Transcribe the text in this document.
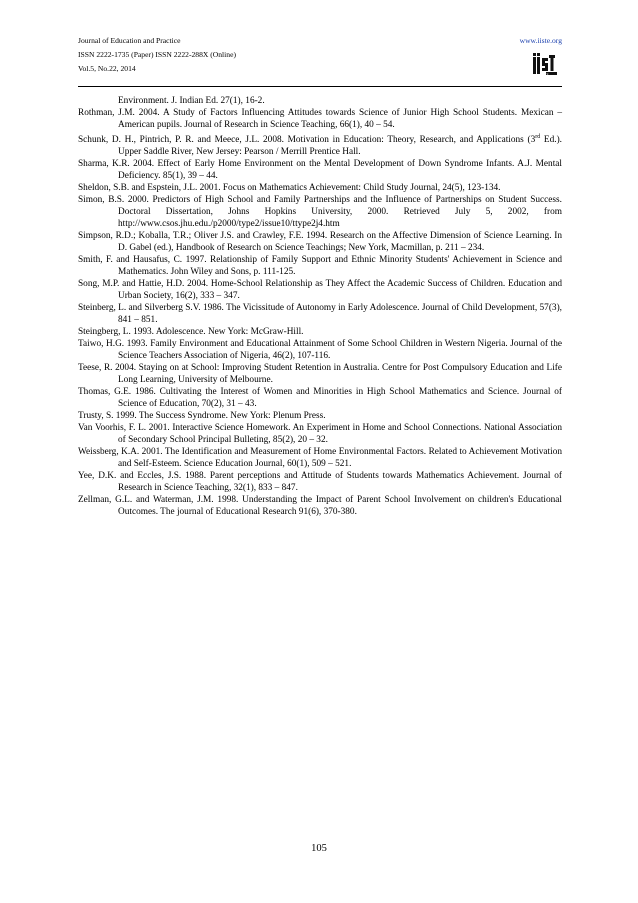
Journal of Education and Practice
ISSN 2222-1735 (Paper) ISSN 2222-288X (Online)
Vol.5, No.22, 2014
www.iiste.org
IISTE

Environment. J. Indian Ed. 27(1), 16-2.

Rothman, J.M. 2004. A Study of Factors Influencing Attitudes towards Science of Junior High School Students. Mexican – American pupils. Journal of Research in Science Teaching, 66(1), 40 – 54.

Schunk, D. H., Pintrich, P. R. and Meece, J.L. 2008. Motivation in Education: Theory, Research, and Applications (3rd Ed.). Upper Saddle River, New Jersey: Pearson / Merrill Prentice Hall.

Sharma, K.R. 2004. Effect of Early Home Environment on the Mental Development of Down Syndrome Infants. A.J. Mental Deficiency. 85(1), 39 – 44.

Sheldon, S.B. and Espstein, J.L. 2001. Focus on Mathematics Achievement: Child Study Journal, 24(5), 123-134.

Simon, B.S. 2000. Predictors of High School and Family Partnerships and the Influence of Partnerships on Student Success. Doctoral Dissertation, Johns Hopkins University, 2000. Retrieved July 5, 2002, from http://www.csos.jhu.edu./p2000/type2/issue10/ttype2j4.htm

Simpson, R.D.; Koballa, T.R.; Oliver J.S. and Crawley, F.E. 1994. Research on the Affective Dimension of Science Learning. In D. Gabel (ed.), Handbook of Research on Science Teachings; New York, Macmillan, p. 211 – 234.

Smith, F. and Hausafus, C. 1997. Relationship of Family Support and Ethnic Minority Students' Achievement in Science and Mathematics. John Wiley and Sons, p. 111-125.

Song, M.P. and Hattie, H.D. 2004. Home-School Relationship as They Affect the Academic Success of Children. Education and Urban Society, 16(2), 333 – 347.

Steinberg, L. and Silverberg S.V. 1986. The Vicissitude of Autonomy in Early Adolescence. Journal of Child Development, 57(3), 841 – 851.

Steingberg, L. 1993. Adolescence. New York: McGraw-Hill.

Taiwo, H.G. 1993. Family Environment and Educational Attainment of Some School Children in Western Nigeria. Journal of the Science Teachers Association of Nigeria, 46(2), 107-116.

Teese, R. 2004. Staying on at School: Improving Student Retention in Australia. Centre for Post Compulsory Education and Life Long Learning, University of Melbourne.

Thomas, G.E. 1986. Cultivating the Interest of Women and Minorities in High School Mathematics and Science. Journal of Science of Education, 70(2), 31 – 43.

Trusty, S. 1999. The Success Syndrome. New York: Plenum Press.

Van Voorhis, F. L. 2001. Interactive Science Homework. An Experiment in Home and School Connections. National Association of Secondary School Principal Bulleting, 85(2), 20 – 32.

Weissberg, K.A. 2001. The Identification and Measurement of Home Environmental Factors. Related to Achievement Motivation and Self-Esteem. Science Education Journal, 60(1), 509 – 521.

Yee, D.K. and Eccles, J.S. 1988. Parent perceptions and Attitude of Students towards Mathematics Achievement. Journal of Research in Science Teaching, 32(1), 833 – 847.

Zellman, G.L. and Waterman, J.M. 1998. Understanding the Impact of Parent School Involvement on children's Educational Outcomes. The journal of Educational Research 91(6), 370-380.

105
